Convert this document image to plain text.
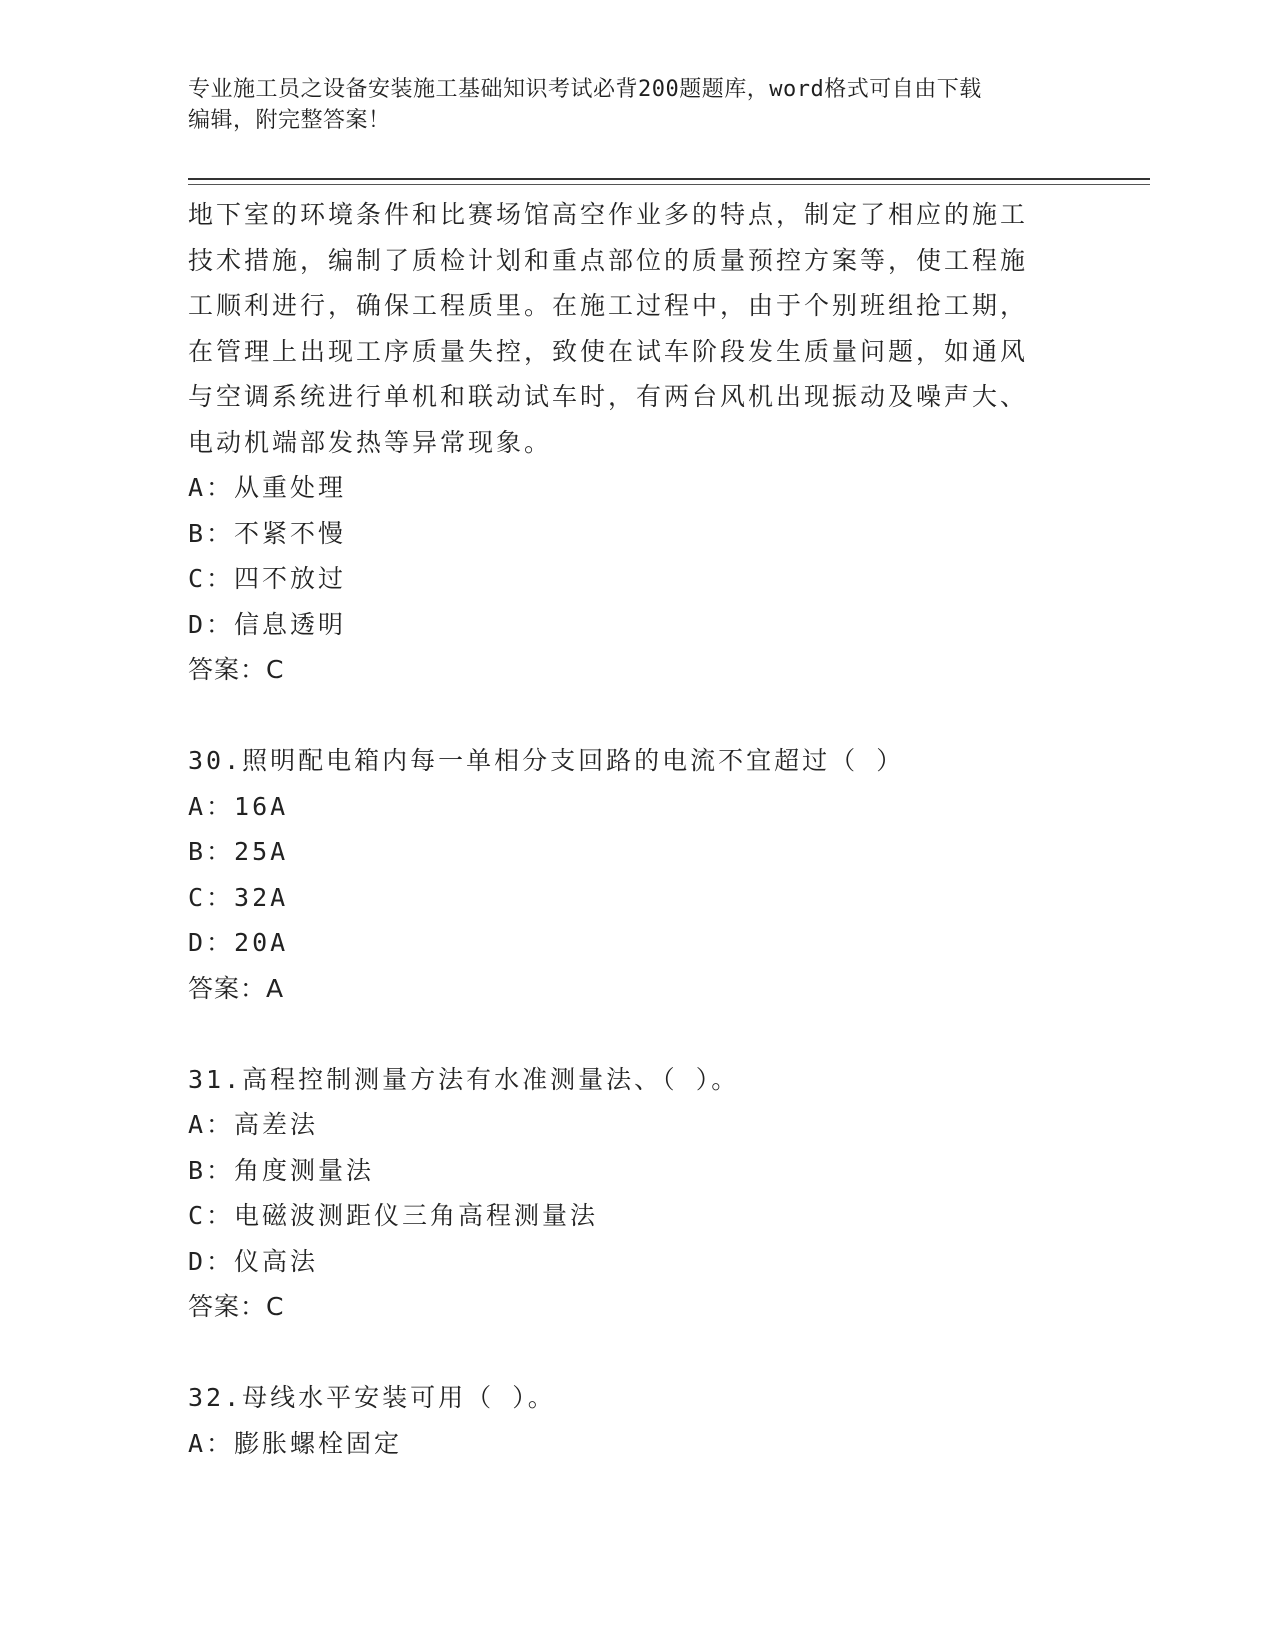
专业施工员之设备安装施工基础知识考试必背200题题库，word格式可自由下载
编辑，附完整答案！
地下室的环境条件和比赛场馆高空作业多的特点，制定了相应的施工
技术措施，编制了质检计划和重点部位的质量预控方案等，使工程施
工顺利进行，确保工程质里。在施工过程中，由于个别班组抢工期，
在管理上出现工序质量失控，致使在试车阶段发生质量问题，如通风
与空调系统进行单机和联动试车时，有两台风机出现振动及噪声大、
电动机端部发热等异常现象。
A：从重处理
B：不紧不慢
C：四不放过
D：信息透明
答案：C
30.照明配电箱内每一单相分支回路的电流不宜超过（ ）
A：16A
B：25A
C：32A
D：20A
答案：A
31.高程控制测量方法有水准测量法、（ ）。
A：高差法
B：角度测量法
C：电磁波测距仪三角高程测量法
D：仪高法
答案：C
32.母线水平安装可用（ ）。
A：膨胀螺栓固定
